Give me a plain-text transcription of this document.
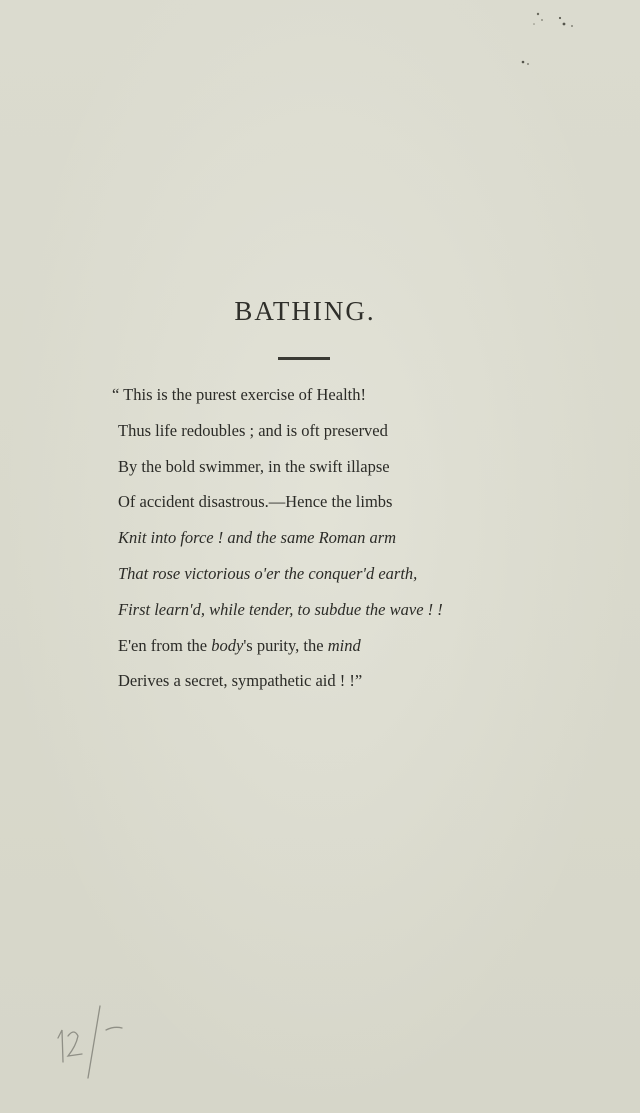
BATHING.
“ This is the purest exercise of Health!
Thus life redoubles ; and is oft preserved
By the bold swimmer, in the swift illapse
Of accident disastrous.—Hence the limbs
Knit into force ! and the same Roman arm
That rose victorious o'er the conquer'd earth,
First learn'd, while tender, to subdue the wave ! !
E'en from the body's purity, the mind
Derives a secret, sympathetic aid ! !”
